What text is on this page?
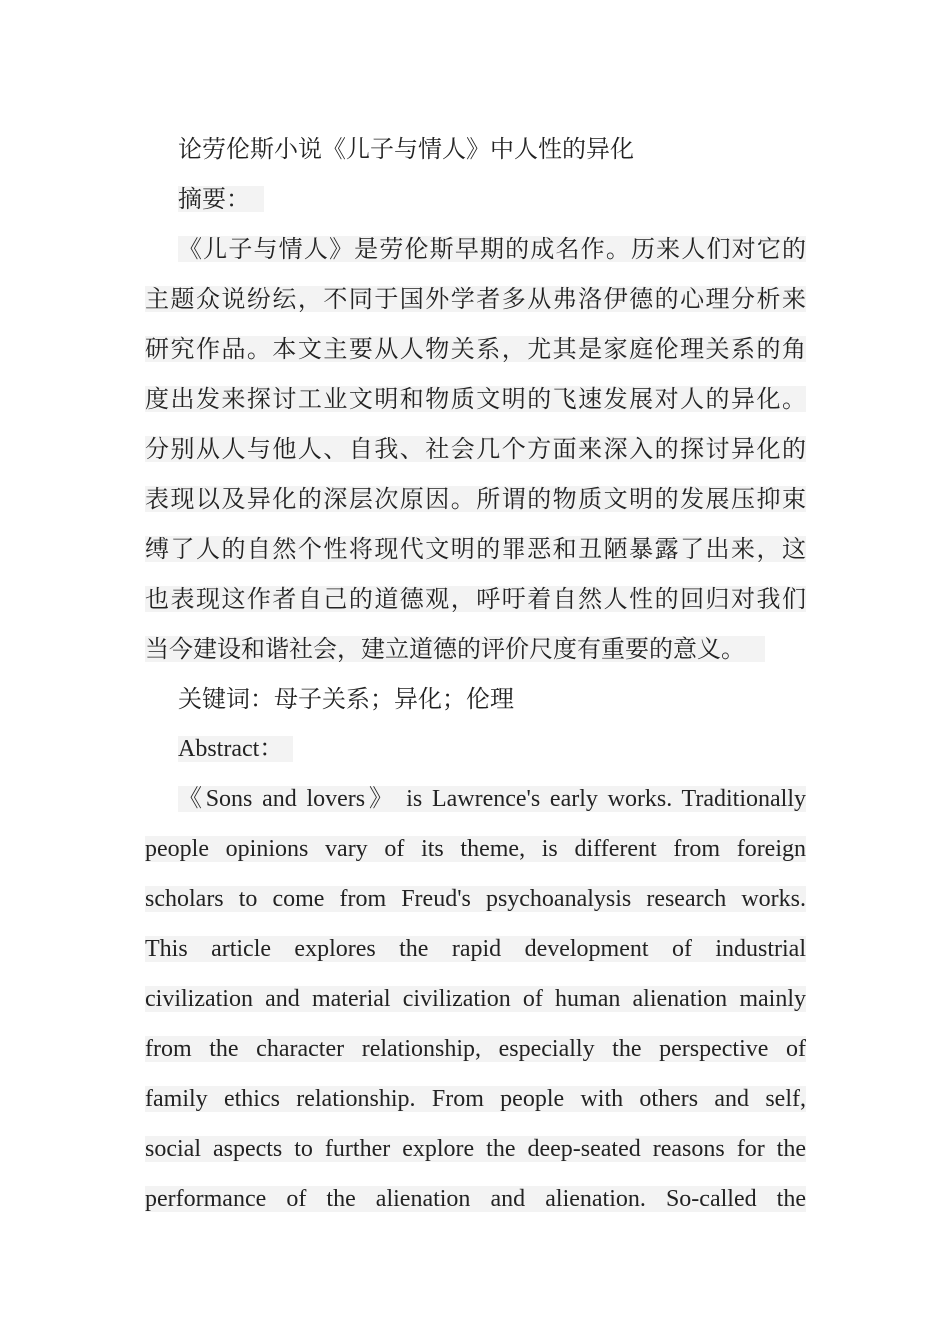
论劳伦斯小说《儿子与情人》中人性的异化
摘要：
《儿子与情人》是劳伦斯早期的成名作。历来人们对它的
主题众说纷纭，不同于国外学者多从弗洛伊德的心理分析来
研究作品。本文主要从人物关系，尤其是家庭伦理关系的角
度出发来探讨工业文明和物质文明的飞速发展对人的异化。
分别从人与他人、自我、社会几个方面来深入的探讨异化的
表现以及异化的深层次原因。所谓的物质文明的发展压抑束
缚了人的自然个性将现代文明的罪恶和丑陋暴露了出来，这
也表现这作者自己的道德观，呼吁着自然人性的回归对我们
当今建设和谐社会，建立道德的评价尺度有重要的意义。
关键词：母子关系；异化；伦理
Abstract：
《Sons and lovers》 is Lawrence's early works. Traditionally
people opinions vary of its theme, is different from foreign
scholars to come from Freud's psychoanalysis research works.
This article explores the rapid development of industrial
civilization and material civilization of human alienation mainly
from the character relationship, especially the perspective of
family ethics relationship. From people with others and self,
social aspects to further explore the deep-seated reasons for the
performance of the alienation and alienation. So-called the
